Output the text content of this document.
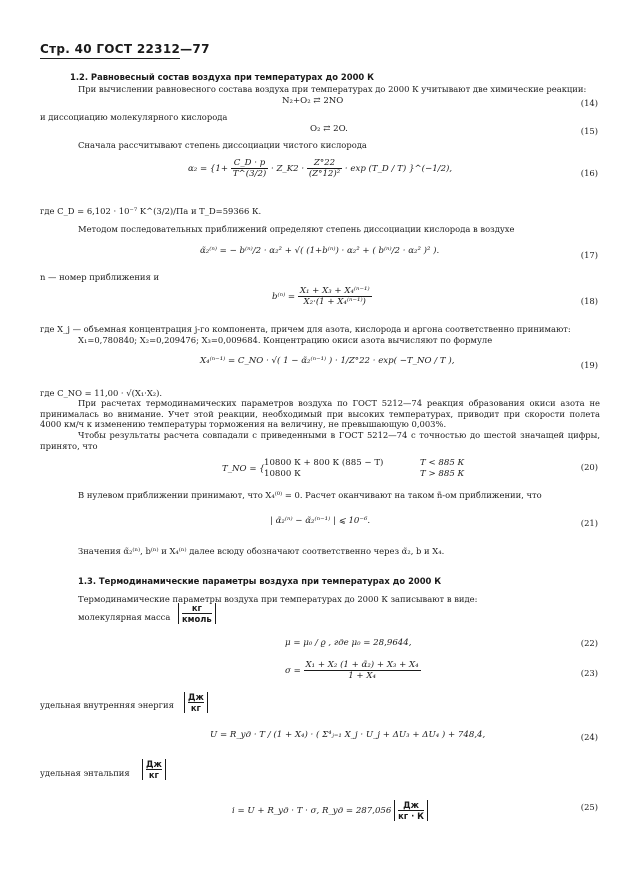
Стр. 40 ГОСТ 22312—77
1.2. Равновесный состав воздуха при температурах до 2000 К
При вычислении равновесного состава воздуха при температурах до 2000 К учитывают две химические реакции:
N₂+O₂ ⇄ 2NO	(14)
и диссоциацию молекулярного кислорода
O₂ ⇄ 2O.	(15)
Сначала рассчитывают степень диссоциации чистого кислорода
$\alpha_2 = \{1+ \frac{C\_D \cdot p}{T\^{}(3/2)}$ · Z_K2 · $\frac{Z^\circ 22}{\text{(Z°12)²}} \cdot \exp$ (T_D / T) }^(−1/2),	(16)
где C_D = 6,102 · 10⁻⁷ K^(3/2)/Па и T_D=59366 К.
Методом последовательных приближений определяют степень диссоциации кислорода в воздухе
α̃₂⁽ⁿ⁾ = − b⁽ⁿ⁾/2 · α₂² + √( (1+b⁽ⁿ⁾) · α₂² + ( b⁽ⁿ⁾/2 · α₂² )² ).	(17)
n — номер приближения и
$b^{(n)} = \frac{\text{X₁ + X₃ + X₄⁽ⁿ⁻¹⁾}}{\text{X₂·(1 + X₄⁽ⁿ⁻¹⁾)}}$	(18)
где X_j — объемная концентрация j-го компонента, причем для азота, кислорода и аргона соответственно принимают:
X₁=0,780840; X₂=0,209476; X₃=0,009684. Концентрацию окиси азота вычисляют по формуле
X₄⁽ⁿ⁻¹⁾ = C_NO · √( 1 − α̃₂⁽ⁿ⁻¹⁾ ) · 1/Z°22 · exp( −T_NO / T ),	(19)
где C_NO = 11,00 · √(X₁·X₂).
При расчетах термодинамических параметров воздуха по ГОСТ 5212—74 реакция образования окиси азота не принималась во внимание. Учет этой реакции, необходимый при высоких температурах, приводит при скорости полета 4000 км/ч к изменению температуры торможения на величину, не превышающую 0,003%.
Чтобы результаты расчета совпадали с приведенными в ГОСТ 5212—74 с точностью до шестой значащей цифры, принято, что
T_NO = {
10800 К + 800 К (885 − T)	T < 885 К
10800 К	T > 885 К
(20)
В нулевом приближении принимают, что X₄⁽⁰⁾ = 0. Расчет оканчивают на таком ñ-ом приближении, что
| α̃₂⁽ⁿ⁾ − α̃₂⁽ⁿ⁻¹⁾ | ⩽ 10⁻⁶.	(21)
Значения α̃₂⁽ⁿ⁾, b⁽ⁿ⁾ и X₄⁽ⁿ⁾ далее всюду обозначают соответственно через α̃₂, b и X₄.
1.3. Термодинамические параметры воздуха при температурах до 2000 К
Термодинамические параметры воздуха при температурах до 2000 К записывают в виде:
молекулярная масса
кг
кмоль
μ = μ₀ / ϱ , где μ₀ = 28,9644,	(22)
$\sigma = \frac{\text{X₁ + X₂ (1 + α̃₂) + X₃ + X₄}}{\text{1 + X₄}}$	(23)
удельная внутренняя энергия
Дж
кг
U = R_уд · T / (1 + X₄) · ( Σ⁴ⱼ₌₁ X_j · U_j + ΔU₃ + ΔU₄ ) + 748,4,	(24)
удельная энтальпия
Дж
кг
i = U + R_уд · T · σ, R_уд = 287,056
Дж
кг · К
(25)
